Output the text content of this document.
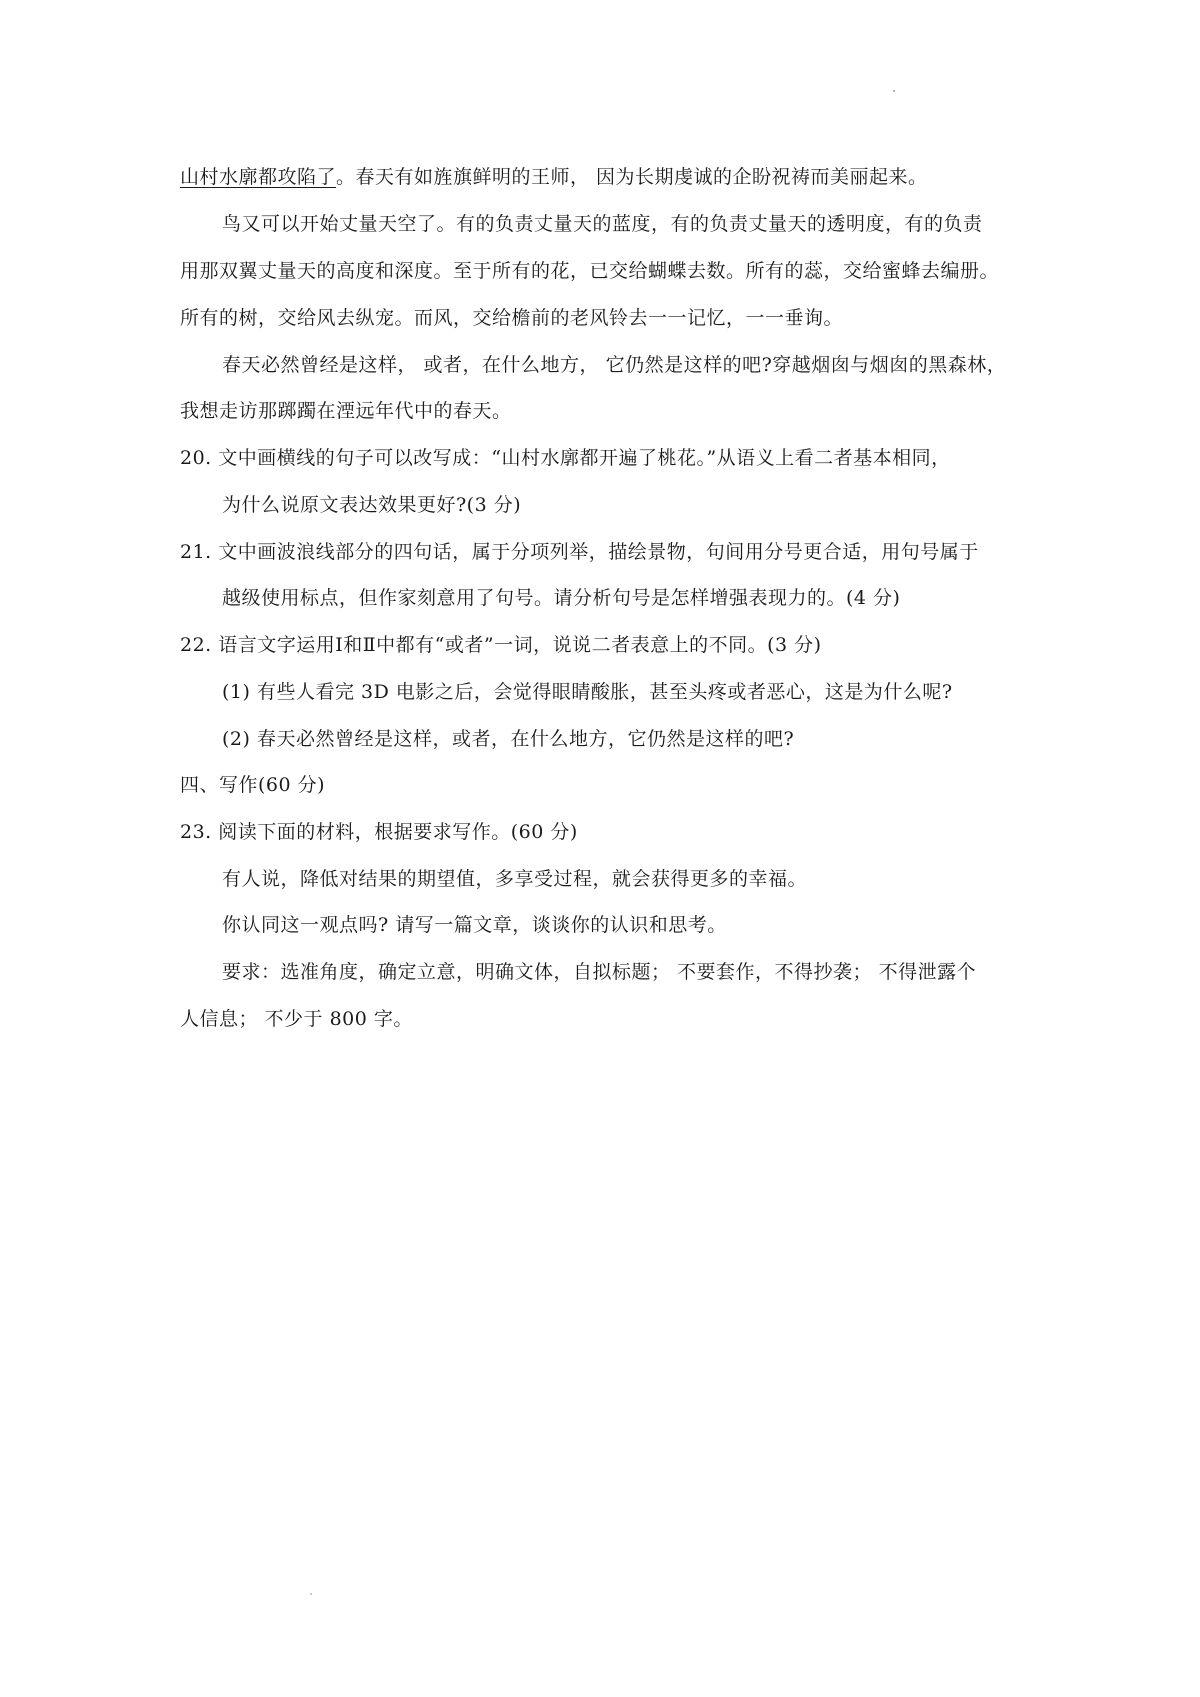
山村水廓都攻陷了。春天有如旌旗鲜明的王师， 因为长期虔诚的企盼祝祷而美丽起来。
鸟又可以开始丈量天空了。有的负责丈量天的蓝度，有的负责丈量天的透明度，有的负责
用那双翼丈量天的高度和深度。至于所有的花，已交给蝴蝶去数。所有的蕊，交给蜜蜂去编册。
所有的树，交给风去纵宠。而风，交给檐前的老风铃去一一记忆，一一垂询。
春天必然曾经是这样， 或者，在什么地方， 它仍然是这样的吧?穿越烟囱与烟囱的黑森林，
我想走访那踯躅在湮远年代中的春天。
20. 文中画横线的句子可以改写成：“山村水廓都开遍了桃花。”从语义上看二者基本相同，
为什么说原文表达效果更好?(3 分)
21. 文中画波浪线部分的四句话，属于分项列举，描绘景物，句间用分号更合适，用句号属于
越级使用标点，但作家刻意用了句号。请分析句号是怎样增强表现力的。(4 分)
22. 语言文字运用Ⅰ和Ⅱ中都有“或者”一词，说说二者表意上的不同。(3 分)
(1) 有些人看完 3D 电影之后，会觉得眼睛酸胀，甚至头疼或者恶心，这是为什么呢?
(2) 春天必然曾经是这样，或者，在什么地方，它仍然是这样的吧?
四、写作(60 分)
23. 阅读下面的材料，根据要求写作。(60 分)
有人说，降低对结果的期望值，多享受过程，就会获得更多的幸福。
你认同这一观点吗? 请写一篇文章，谈谈你的认识和思考。
要求：选准角度，确定立意，明确文体，自拟标题； 不要套作，不得抄袭； 不得泄露个
人信息； 不少于 800 字。
